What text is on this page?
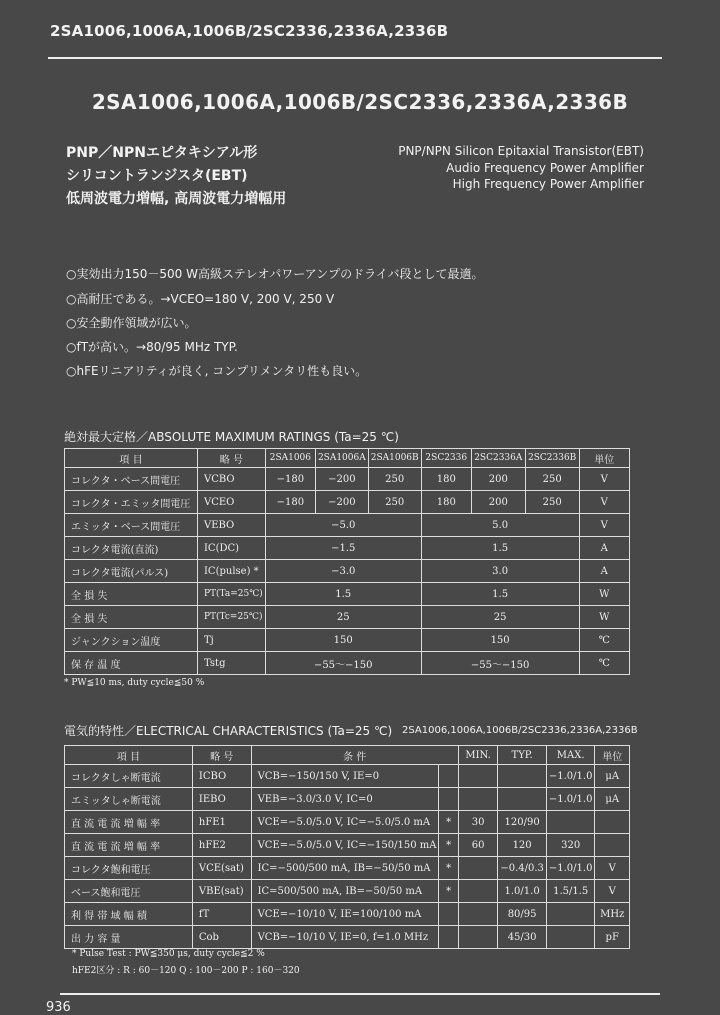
2SA1006,1006A,1006B/2SC2336,2336A,2336B
2SA1006,1006A,1006B/2SC2336,2336A,2336B
PNP／NPNエピタキシアル形
シリコントランジスタ(EBT)
低周波電力増幅, 高周波電力増幅用
PNP/NPN Silicon Epitaxial Transistor(EBT)
Audio Frequency Power Amplifier
High Frequency Power Amplifier
○実効出力150－500 W高級ステレオパワーアンプのドライバ段として最適。
○高耐圧である。→VCEO=180 V, 200 V, 250 V
○安全動作領域が広い。
○fTが高い。→80/95 MHz TYP.
○hFEリニアリティが良く, コンプリメンタリ性も良い。
絶対最大定格／ABSOLUTE MAXIMUM RATINGS (Ta=25 ℃)
項 目	略 号	2SA1006	2SA1006A	2SA1006B	2SC2336	2SC2336A	2SC2336B	単位
コレクタ・ベース間電圧	VCBO	−180	−200	250	180	200	250	V
コレクタ・エミッタ間電圧	VCEO	−180	−200	250	180	200	250	V
エミッタ・ベース間電圧	VEBO	−5.0			5.0			V
コレクタ電流(直流)	IC(DC)	−1.5			1.5			A
コレクタ電流(パルス)	IC(pulse) *	−3.0			3.0			A
全 損 失	PT(Ta=25℃)	1.5			1.5			W
全 損 失	PT(Tc=25℃)	25			25			W
ジャンクション温度	Tj	150			150			℃
保 存 温 度	Tstg	−55～−150			−55～−150			℃
* PW≦10 ms, duty cycle≦50 %
電気的特性／ELECTRICAL CHARACTERISTICS (Ta=25 ℃) 2SA1006,1006A,1006B/2SC2336,2336A,2336B
項 目	略 号	条 件		MIN.	TYP.	MAX.	単位
コレクタしゃ断電流	ICBO	VCB=−150/150 V, IE=0				−1.0/1.0	μA
エミッタしゃ断電流	IEBO	VEB=−3.0/3.0 V, IC=0				−1.0/1.0	μA
直 流 電 流 増 幅 率	hFE1	VCE=−5.0/5.0 V, IC=−5.0/5.0 mA	*	30	120/90		
直 流 電 流 増 幅 率	hFE2	VCE=−5.0/5.0 V, IC=−150/150 mA	*	60	120	320	
コレクタ飽和電圧	VCE(sat)	IC=−500/500 mA, IB=−50/50 mA	*		−0.4/0.3	−1.0/1.0	V
ベース飽和電圧	VBE(sat)	IC=500/500 mA, IB=−50/50 mA	*		1.0/1.0	1.5/1.5	V
利 得 帯 域 幅 積	fT	VCE=−10/10 V, IE=100/100 mA			80/95		MHz
出 力 容 量	Cob	VCB=−10/10 V, IE=0, f=1.0 MHz			45/30		pF
* Pulse Test : PW≦350 μs, duty cycle≦2 %
hFE2区分 : R : 60－120 Q : 100－200 P : 160－320
936
